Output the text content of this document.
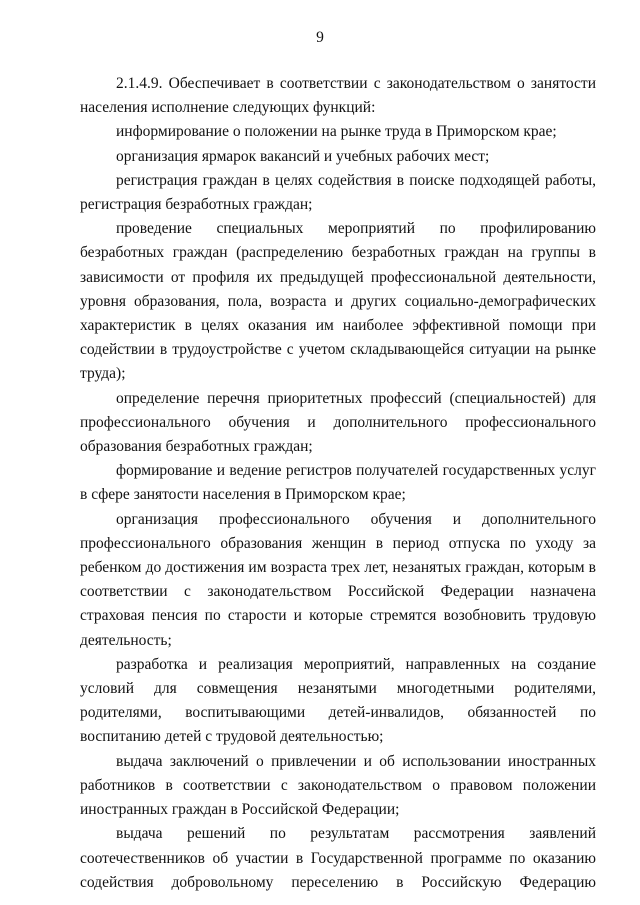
9

2.1.4.9. Обеспечивает в соответствии с законодательством о занятости населения исполнение следующих функций:

информирование о положении на рынке труда в Приморском крае;

организация ярмарок вакансий и учебных рабочих мест;

регистрация граждан в целях содействия в поиске подходящей работы, регистрация безработных граждан;

проведение специальных мероприятий по профилированию безработных граждан (распределению безработных граждан на группы в зависимости от профиля их предыдущей профессиональной деятельности, уровня образования, пола, возраста и других социально-демографических характеристик в целях оказания им наиболее эффективной помощи при содействии в трудоустройстве с учетом складывающейся ситуации на рынке труда);

определение перечня приоритетных профессий (специальностей) для профессионального обучения и дополнительного профессионального образования безработных граждан;

формирование и ведение регистров получателей государственных услуг в сфере занятости населения в Приморском крае;

организация профессионального обучения и дополнительного профессионального образования женщин в период отпуска по уходу за ребенком до достижения им возраста трех лет, незанятых граждан, которым в соответствии с законодательством Российской Федерации назначена страховая пенсия по старости и которые стремятся возобновить трудовую деятельность;

разработка и реализация мероприятий, направленных на создание условий для совмещения незанятыми многодетными родителями, родителями, воспитывающими детей-инвалидов, обязанностей по воспитанию детей с трудовой деятельностью;

выдача заключений о привлечении и об использовании иностранных работников в соответствии с законодательством о правовом положении иностранных граждан в Российской Федерации;

выдача решений по результатам рассмотрения заявлений соотечественников об участии в Государственной программе по оказанию содействия добровольному переселению в Российскую Федерацию
